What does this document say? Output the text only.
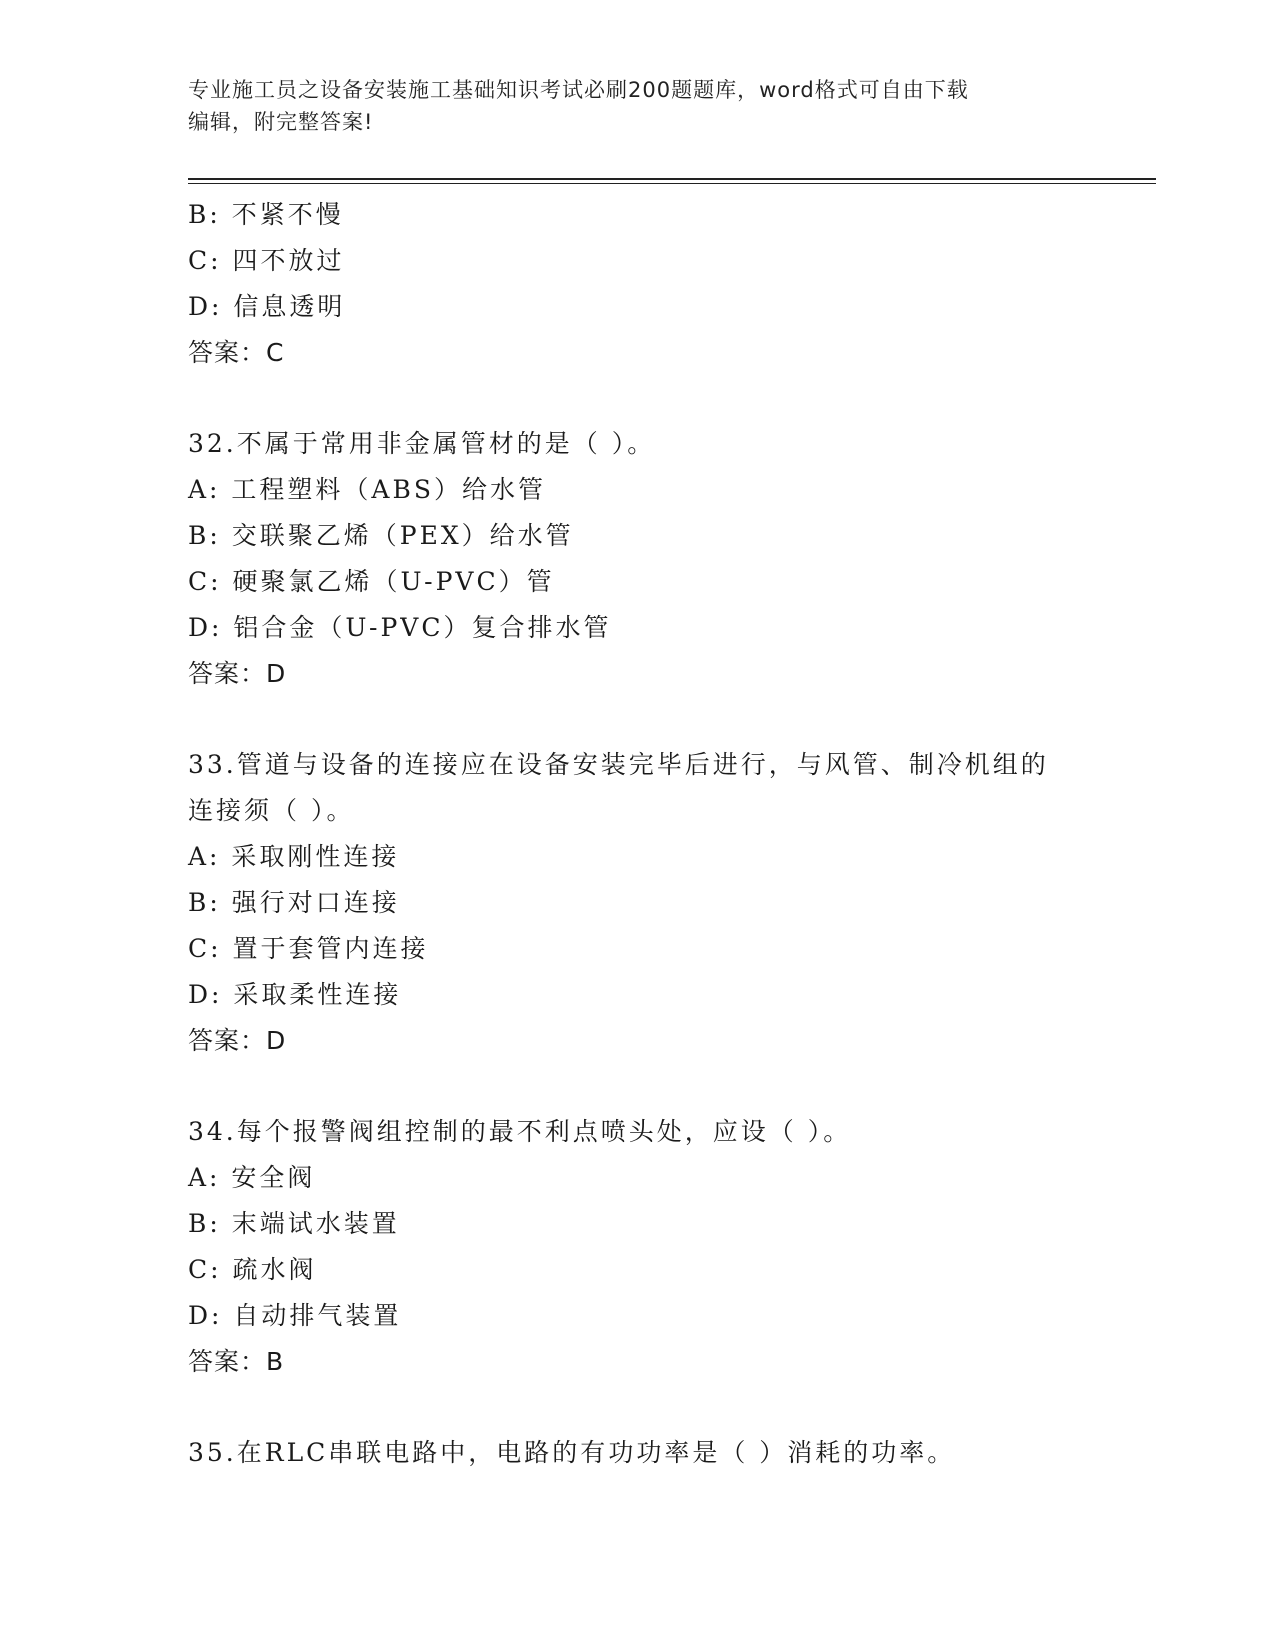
专业施工员之设备安装施工基础知识考试必刷200题题库，word格式可自由下载
编辑，附完整答案!
B: 不紧不慢
C: 四不放过
D: 信息透明
答案：C
32.不属于常用非金属管材的是（ ）。
A: 工程塑料（ABS）给水管
B: 交联聚乙烯（PEX）给水管
C: 硬聚氯乙烯（U-PVC）管
D: 铝合金（U-PVC）复合排水管
答案：D
33.管道与设备的连接应在设备安装完毕后进行，与风管、制冷机组的
连接须（ ）。
A: 采取刚性连接
B: 强行对口连接
C: 置于套管内连接
D: 采取柔性连接
答案：D
34.每个报警阀组控制的最不利点喷头处，应设（ ）。
A: 安全阀
B: 末端试水装置
C: 疏水阀
D: 自动排气装置
答案：B
35.在RLC串联电路中，电路的有功功率是（ ）消耗的功率。
